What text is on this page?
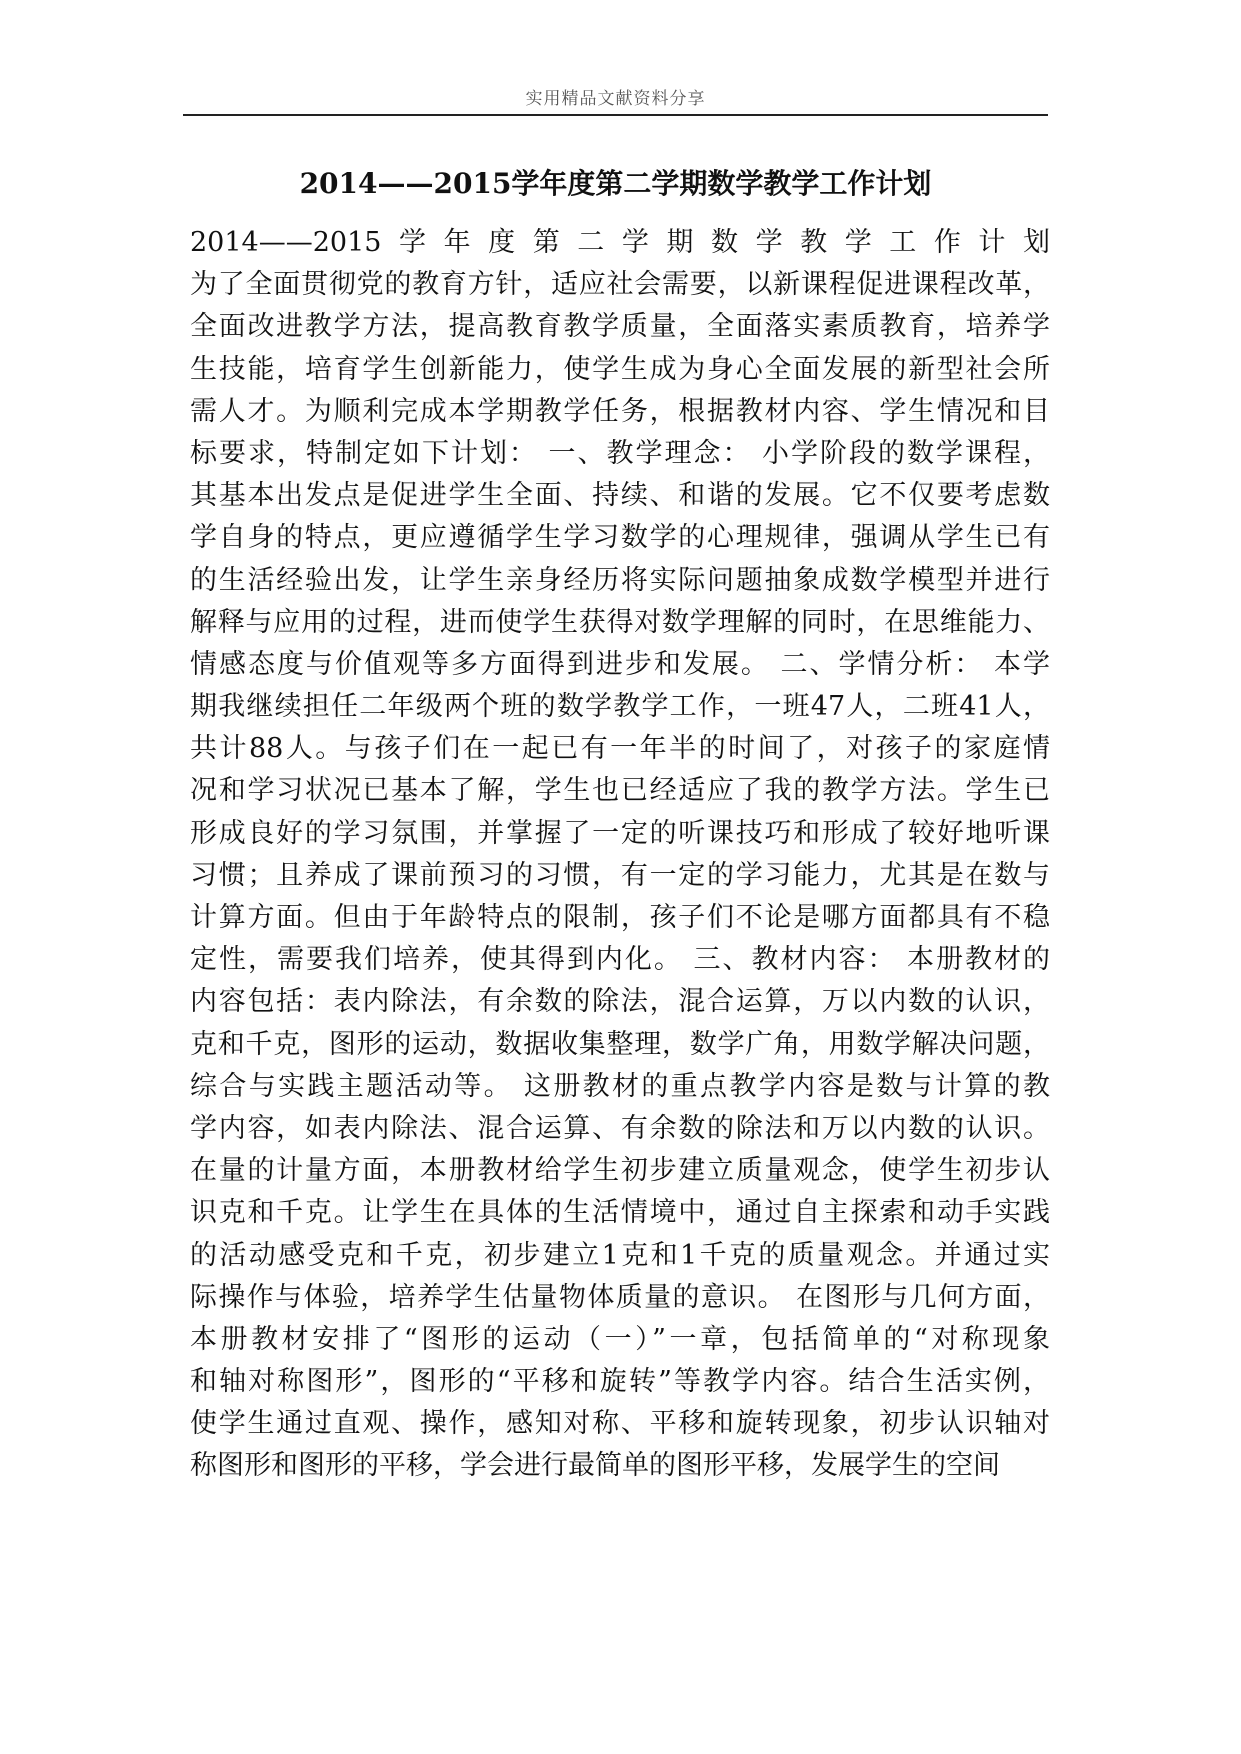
实用精品文献资料分享
2014——2015学年度第二学期数学教学工作计划
2014——2015学年度第二学期数学教学工作计划
为了全面贯彻党的教育方针，适应社会需要，以新课程促进课程改革，
全面改进教学方法，提高教育教学质量，全面落实素质教育，培养学
生技能，培育学生创新能力，使学生成为身心全面发展的新型社会所
需人才。为顺利完成本学期教学任务，根据教材内容、学生情况和目
标要求，特制定如下计划： 一、教学理念： 小学阶段的数学课程，
其基本出发点是促进学生全面、持续、和谐的发展。它不仅要考虑数
学自身的特点，更应遵循学生学习数学的心理规律，强调从学生已有
的生活经验出发，让学生亲身经历将实际问题抽象成数学模型并进行
解释与应用的过程，进而使学生获得对数学理解的同时，在思维能力、
情感态度与价值观等多方面得到进步和发展。 二、学情分析： 本学
期我继续担任二年级两个班的数学教学工作，一班47人，二班41人，
共计88人。与孩子们在一起已有一年半的时间了，对孩子的家庭情
况和学习状况已基本了解，学生也已经适应了我的教学方法。学生已
形成良好的学习氛围，并掌握了一定的听课技巧和形成了较好地听课
习惯；且养成了课前预习的习惯，有一定的学习能力，尤其是在数与
计算方面。但由于年龄特点的限制，孩子们不论是哪方面都具有不稳
定性，需要我们培养，使其得到内化。 三、教材内容： 本册教材的
内容包括：表内除法，有余数的除法，混合运算，万以内数的认识，
克和千克，图形的运动，数据收集整理，数学广角，用数学解决问题，
综合与实践主题活动等。 这册教材的重点教学内容是数与计算的教
学内容，如表内除法、混合运算、有余数的除法和万以内数的认识。
在量的计量方面，本册教材给学生初步建立质量观念，使学生初步认
识克和千克。让学生在具体的生活情境中，通过自主探索和动手实践
的活动感受克和千克，初步建立1克和1千克的质量观念。并通过实
际操作与体验，培养学生估量物体质量的意识。 在图形与几何方面，
本册教材安排了“图形的运动（一）”一章，包括简单的“对称现象
和轴对称图形”，图形的“平移和旋转”等教学内容。结合生活实例，
使学生通过直观、操作，感知对称、平移和旋转现象，初步认识轴对
称图形和图形的平移，学会进行最简单的图形平移，发展学生的空间
